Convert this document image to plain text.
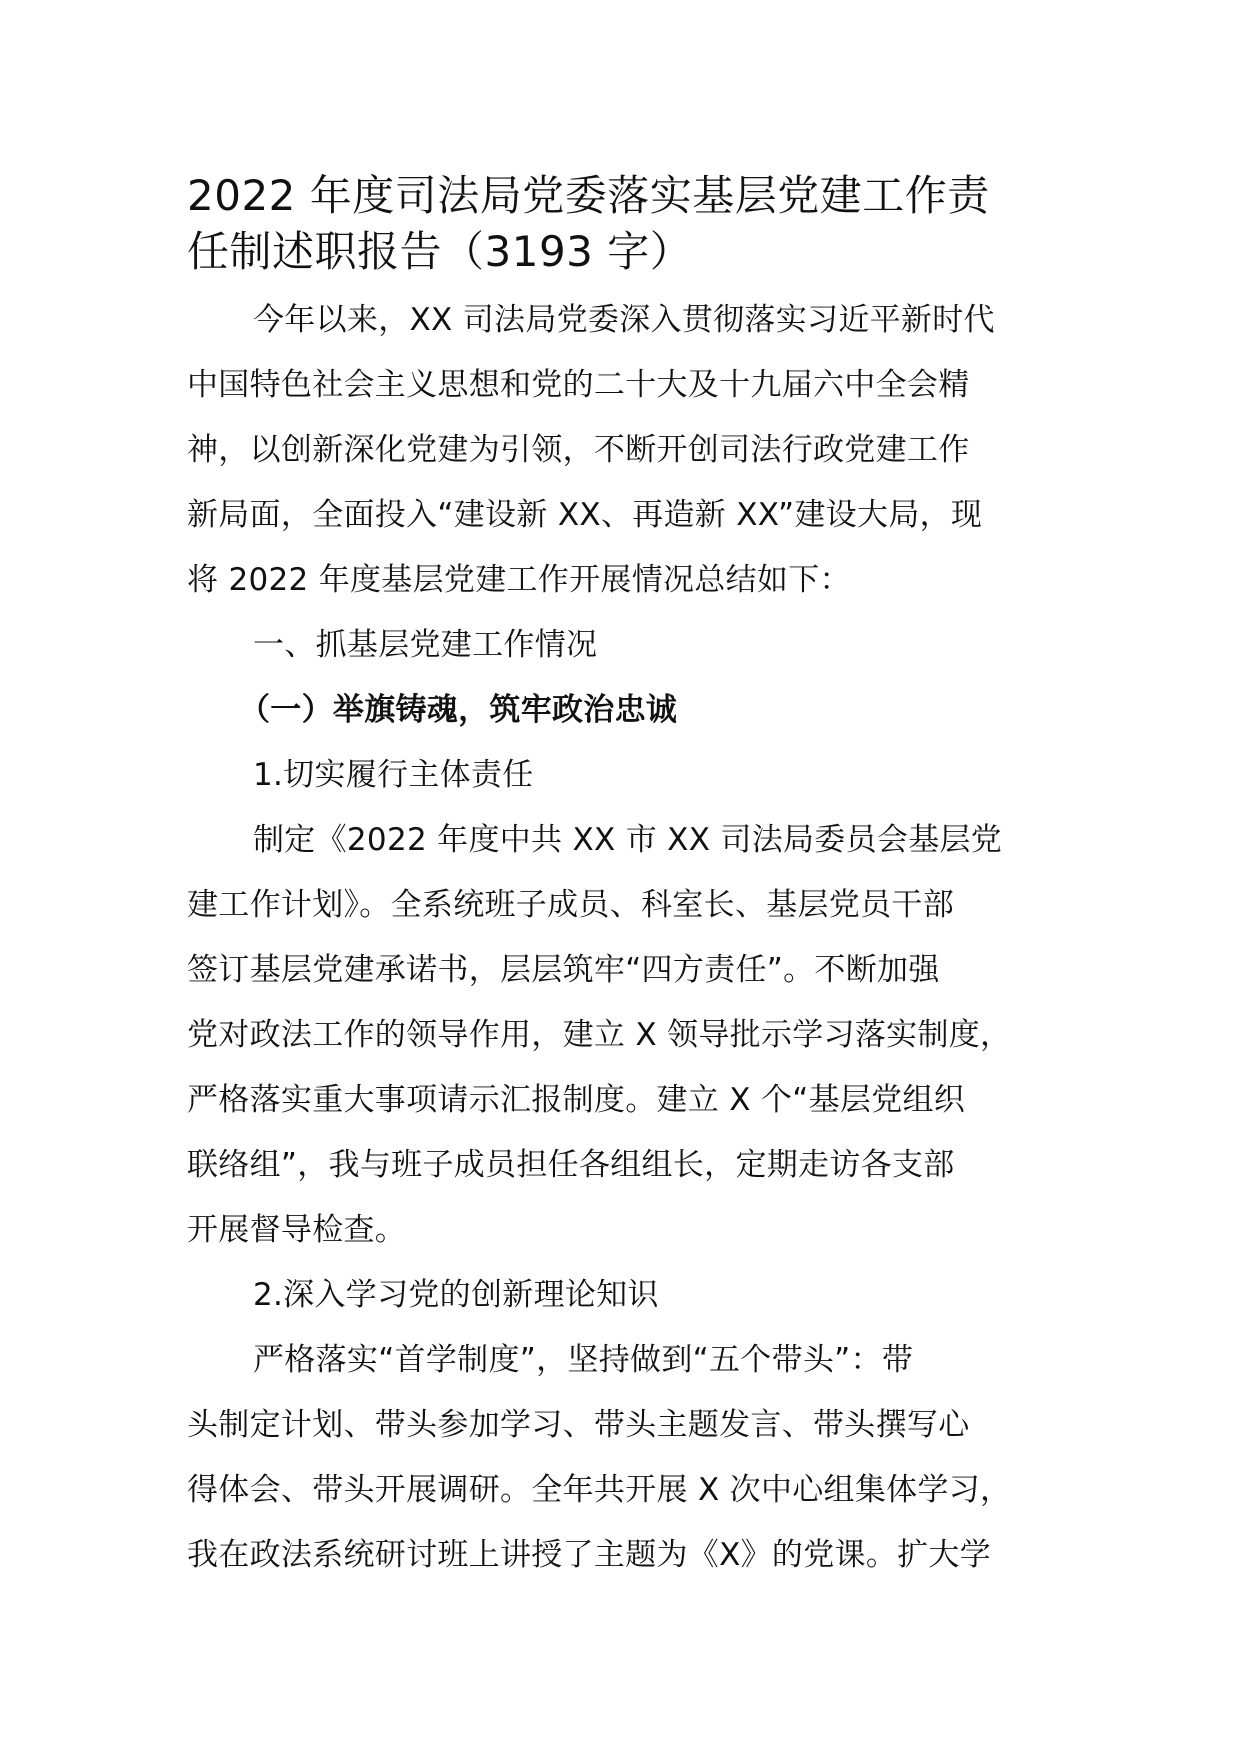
2022 年度司法局党委落实基层党建工作责
任制述职报告（3193 字）
今年以来，XX 司法局党委深入贯彻落实习近平新时代
中国特色社会主义思想和党的二十大及十九届六中全会精
神，以创新深化党建为引领，不断开创司法行政党建工作
新局面，全面投入“建设新 XX、再造新 XX”建设大局，现
将 2022 年度基层党建工作开展情况总结如下：
一、抓基层党建工作情况
（一）举旗铸魂，筑牢政治忠诚
1.切实履行主体责任
制定《2022 年度中共 XX 市 XX 司法局委员会基层党
建工作计划》。全系统班子成员、科室长、基层党员干部
签订基层党建承诺书，层层筑牢“四方责任”。不断加强
党对政法工作的领导作用，建立 X 领导批示学习落实制度，
严格落实重大事项请示汇报制度。建立 X 个“基层党组织
联络组”，我与班子成员担任各组组长，定期走访各支部
开展督导检查。
2.深入学习党的创新理论知识
严格落实“首学制度”，坚持做到“五个带头”：带
头制定计划、带头参加学习、带头主题发言、带头撰写心
得体会、带头开展调研。全年共开展 X 次中心组集体学习，
我在政法系统研讨班上讲授了主题为《X》的党课。扩大学
